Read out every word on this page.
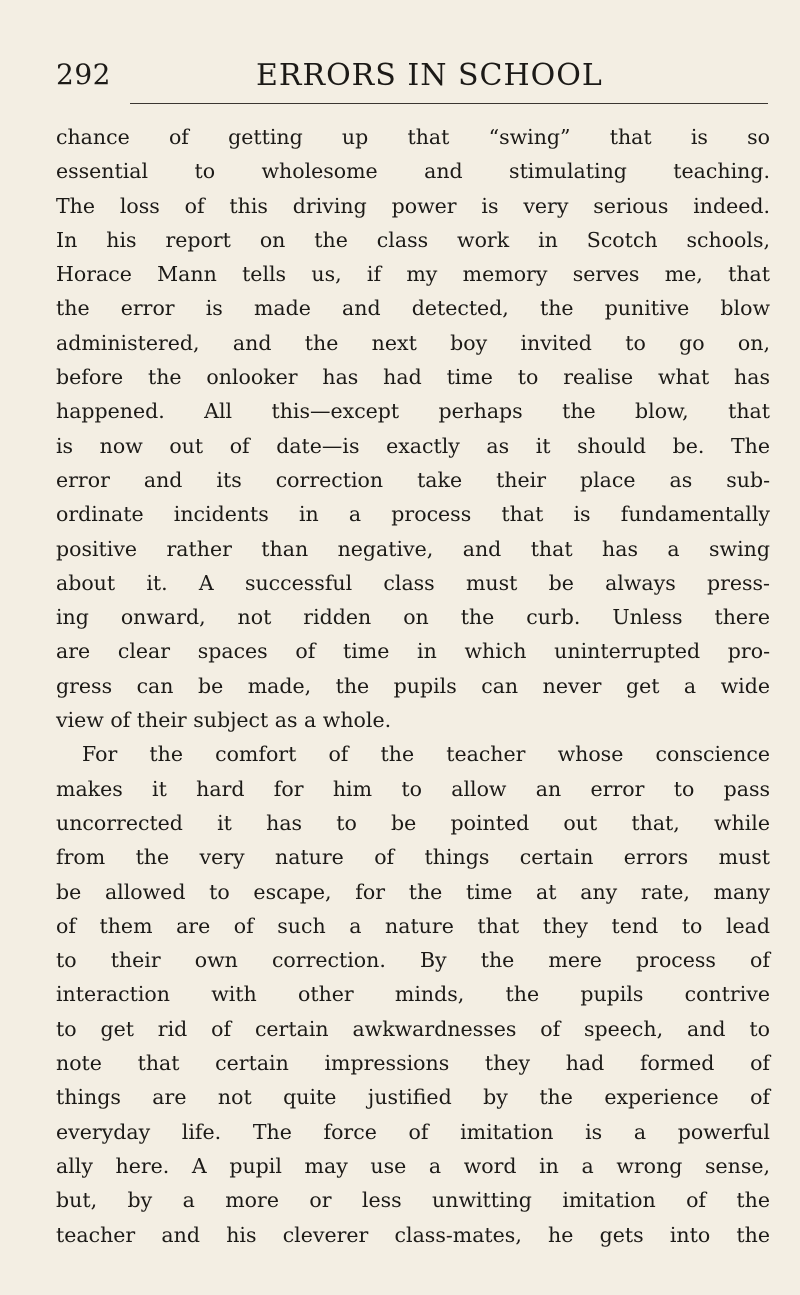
292	ERRORS IN SCHOOL
chance of getting up that “swing” that is so
essential to wholesome and stimulating teaching.
The loss of this driving power is very serious indeed.
In his report on the class work in Scotch schools,
Horace Mann tells us, if my memory serves me, that
the error is made and detected, the punitive blow
administered, and the next boy invited to go on,
before the onlooker has had time to realise what has
happened. All this—except perhaps the blow, that
is now out of date—is exactly as it should be. The
error and its correction take their place as sub-
ordinate incidents in a process that is fundamentally
positive rather than negative, and that has a swing
about it. A successful class must be always press-
ing onward, not ridden on the curb. Unless there
are clear spaces of time in which uninterrupted pro-
gress can be made, the pupils can never get a wide
view of their subject as a whole.
For the comfort of the teacher whose conscience
makes it hard for him to allow an error to pass
uncorrected it has to be pointed out that, while
from the very nature of things certain errors must
be allowed to escape, for the time at any rate, many
of them are of such a nature that they tend to lead
to their own correction. By the mere process of
interaction with other minds, the pupils contrive
to get rid of certain awkwardnesses of speech, and to
note that certain impressions they had formed of
things are not quite justified by the experience of
everyday life. The force of imitation is a powerful
ally here. A pupil may use a word in a wrong sense,
but, by a more or less unwitting imitation of the
teacher and his cleverer class-mates, he gets into the
